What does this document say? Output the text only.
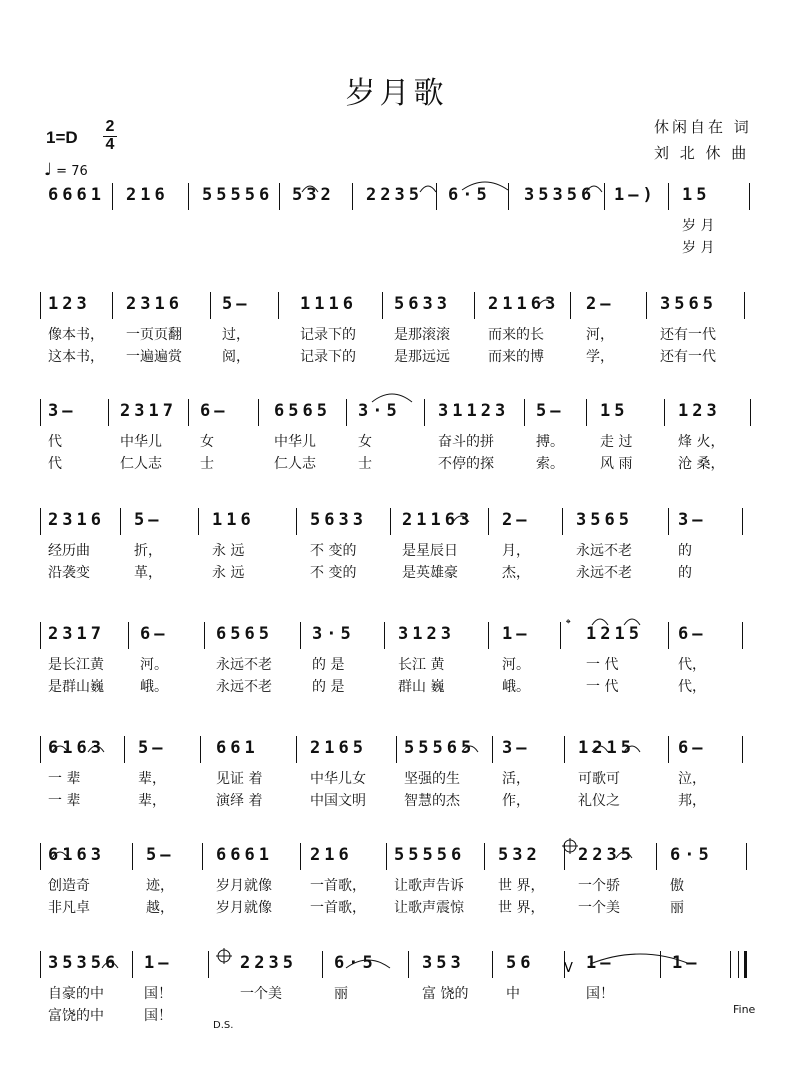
岁月歌
休闲自在 词
刘 北 休 曲
1=D
2
4
♩ = 76
6661 216 55556 532 2235 6·5 35356 1–) 15
岁 月
岁 月
123 2316 5–	1116 5633 21163 2–	3565
像本书， 一页页翻	过，	记录下的	是那滚滚	而来的长	河，	还有一代
这本书， 一遍遍赏	阅，	记录下的	是那远远	而来的博	学，	还有一代
3–	2317 6–	6565 3·5 31123 5– 15	123
代	中华儿	女	中华儿	女	奋斗的拼	搏。	走 过	烽 火，
代	仁人志	士	仁人志	士	不停的探	索。	风 雨	沧 桑，
2316 5–	116	5633 21163 2–	3565	3–
经历曲	折，	永 远	不 变的	是星辰日	月，	永远不老	的
沿袭变	革，	永 远	不 变的	是英雄豪	杰，	永远不老	的
2317 6–	6565 3·5	3123	1–	1215 6–
是长江黄	河。	永远不老	的 是	长江 黄	河。	一 代	代，
是群山巍	峨。	永远不老	的 是	群山 巍	峨。	一 代	代，
6163 5–	661	2165 55565 3–	1215	6–
一 辈	辈，	见证 着	中华儿女	坚强的生	活，	可歌可	泣，
一 辈	辈，	演绎 着	中国文明	智慧的杰	作，	礼仪之	邦，
6163 5– 6661 216 55556 532 2235 6·5
创造奇	迹，	岁月就像	一首歌， 让歌声告诉 世 界， 一个骄	傲
非凡卓	越，	岁月就像	一首歌， 让歌声震惊 世 界， 一个美	丽
35356 1–	2235 6·5	353 56	1–	1–
自豪的中	国！	一个美	丽	富 饶的	中	国！
富饶的中	国！	Fine
D.S.
𝄌
V
